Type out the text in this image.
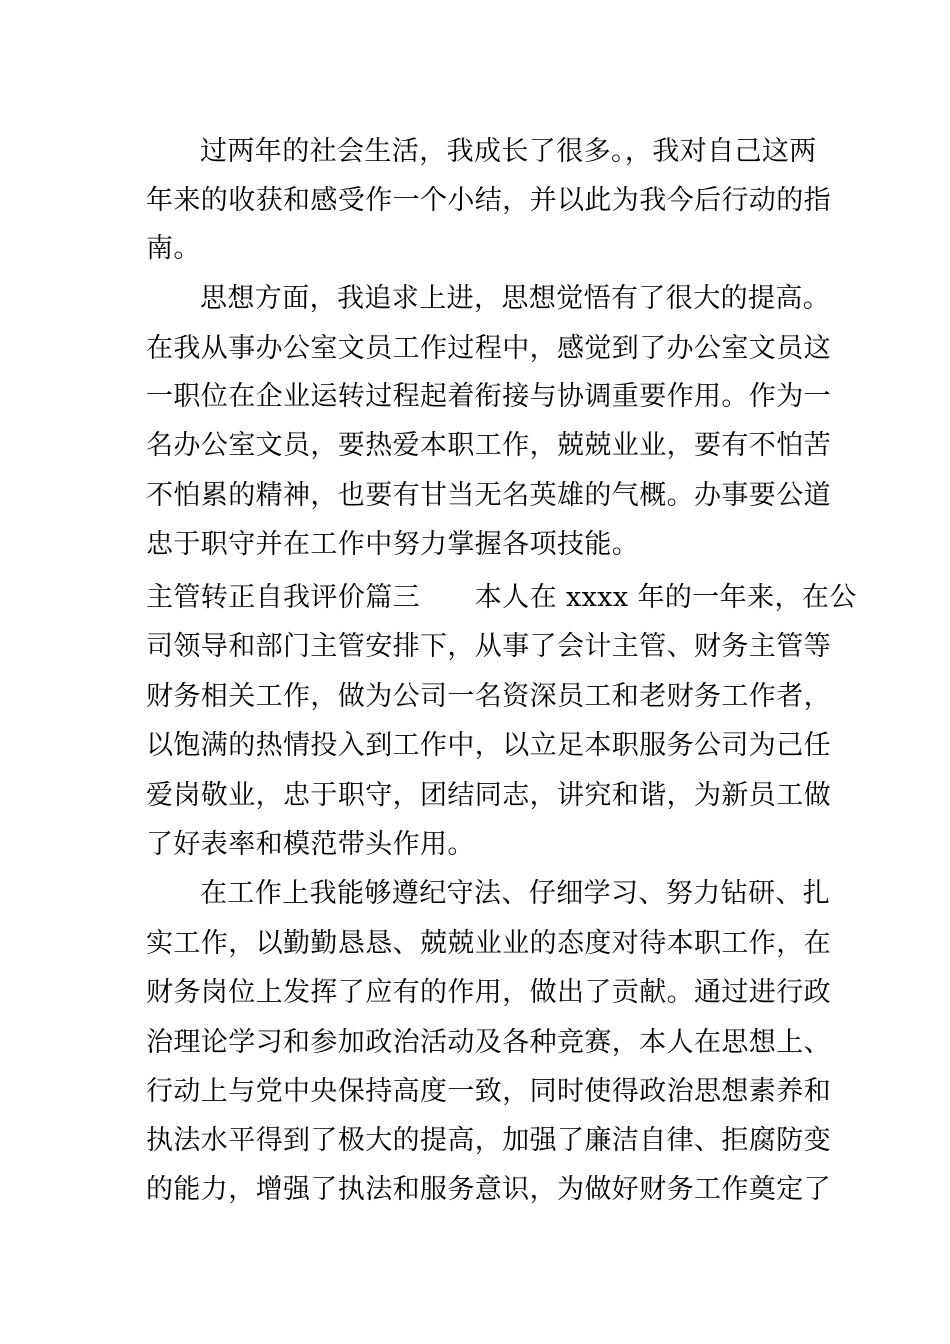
过两年的社会生活，我成长了很多。，我对自己这两
年来的收获和感受作一个小结，并以此为我今后行动的指
南。
思想方面，我追求上进，思想觉悟有了很大的提高。
在我从事办公室文员工作过程中，感觉到了办公室文员这
一职位在企业运转过程起着衔接与协调重要作用。作为一
名办公室文员，要热爱本职工作，兢兢业业，要有不怕苦
不怕累的精神，也要有甘当无名英雄的气概。办事要公道
忠于职守并在工作中努力掌握各项技能。
主管转正自我评价篇三　　本人在 xxxx 年的一年来，在公
司领导和部门主管安排下，从事了会计主管、财务主管等
财务相关工作，做为公司一名资深员工和老财务工作者，
以饱满的热情投入到工作中，以立足本职服务公司为己任
爱岗敬业，忠于职守，团结同志，讲究和谐，为新员工做
了好表率和模范带头作用。
在工作上我能够遵纪守法、仔细学习、努力钻研、扎
实工作，以勤勤恳恳、兢兢业业的态度对待本职工作，在
财务岗位上发挥了应有的作用，做出了贡献。通过进行政
治理论学习和参加政治活动及各种竞赛，本人在思想上、
行动上与党中央保持高度一致，同时使得政治思想素养和
执法水平得到了极大的提高，加强了廉洁自律、拒腐防变
的能力，增强了执法和服务意识，为做好财务工作奠定了
